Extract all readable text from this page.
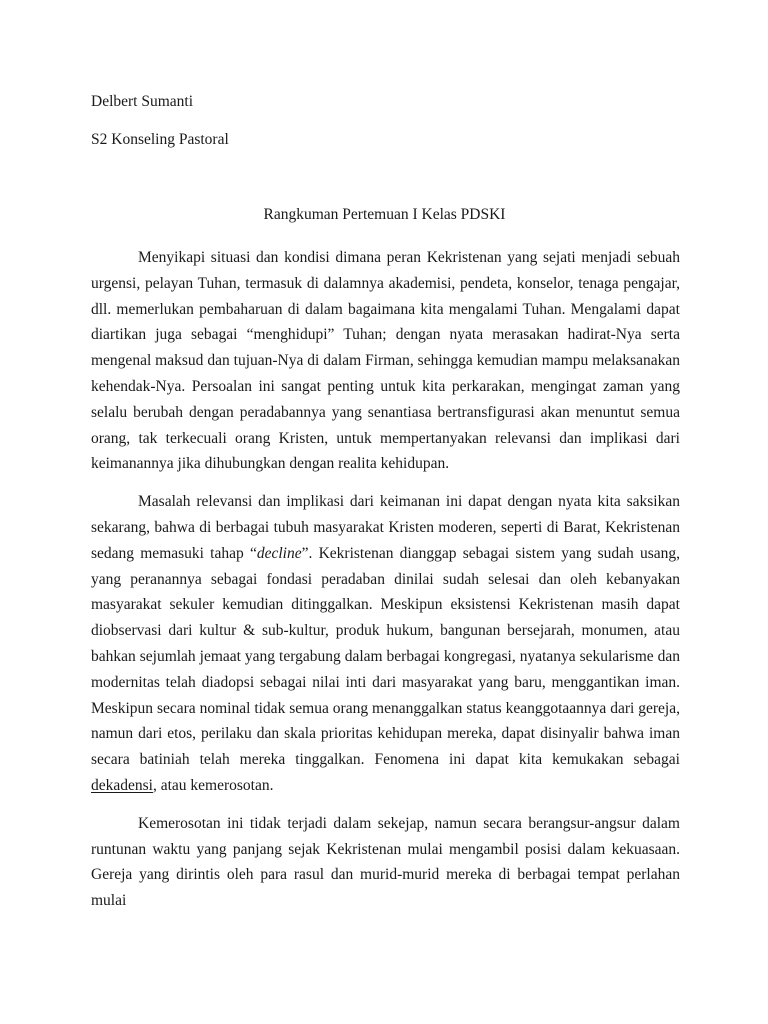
Delbert Sumanti

S2 Konseling Pastoral

Rangkuman Pertemuan I Kelas PDSKI

Menyikapi situasi dan kondisi dimana peran Kekristenan yang sejati menjadi sebuah urgensi, pelayan Tuhan, termasuk di dalamnya akademisi, pendeta, konselor, tenaga pengajar, dll. memerlukan pembaharuan di dalam bagaimana kita mengalami Tuhan. Mengalami dapat diartikan juga sebagai “menghidupi” Tuhan; dengan nyata merasakan hadirat-Nya serta mengenal maksud dan tujuan-Nya di dalam Firman, sehingga kemudian mampu melaksanakan kehendak-Nya. Persoalan ini sangat penting untuk kita perkarakan, mengingat zaman yang selalu berubah dengan peradabannya yang senantiasa bertransfigurasi akan menuntut semua orang, tak terkecuali orang Kristen, untuk mempertanyakan relevansi dan implikasi dari keimanannya jika dihubungkan dengan realita kehidupan.

Masalah relevansi dan implikasi dari keimanan ini dapat dengan nyata kita saksikan sekarang, bahwa di berbagai tubuh masyarakat Kristen moderen, seperti di Barat, Kekristenan sedang memasuki tahap “decline”. Kekristenan dianggap sebagai sistem yang sudah usang, yang peranannya sebagai fondasi peradaban dinilai sudah selesai dan oleh kebanyakan masyarakat sekuler kemudian ditinggalkan. Meskipun eksistensi Kekristenan masih dapat diobservasi dari kultur & sub-kultur, produk hukum, bangunan bersejarah, monumen, atau bahkan sejumlah jemaat yang tergabung dalam berbagai kongregasi, nyatanya sekularisme dan modernitas telah diadopsi sebagai nilai inti dari masyarakat yang baru, menggantikan iman. Meskipun secara nominal tidak semua orang menanggalkan status keanggotaannya dari gereja, namun dari etos, perilaku dan skala prioritas kehidupan mereka, dapat disinyalir bahwa iman secara batiniah telah mereka tinggalkan. Fenomena ini dapat kita kemukakan sebagai dekadensi, atau kemerosotan.

Kemerosotan ini tidak terjadi dalam sekejap, namun secara berangsur-angsur dalam runtunan waktu yang panjang sejak Kekristenan mulai mengambil posisi dalam kekuasaan. Gereja yang dirintis oleh para rasul dan murid-murid mereka di berbagai tempat perlahan mulai
